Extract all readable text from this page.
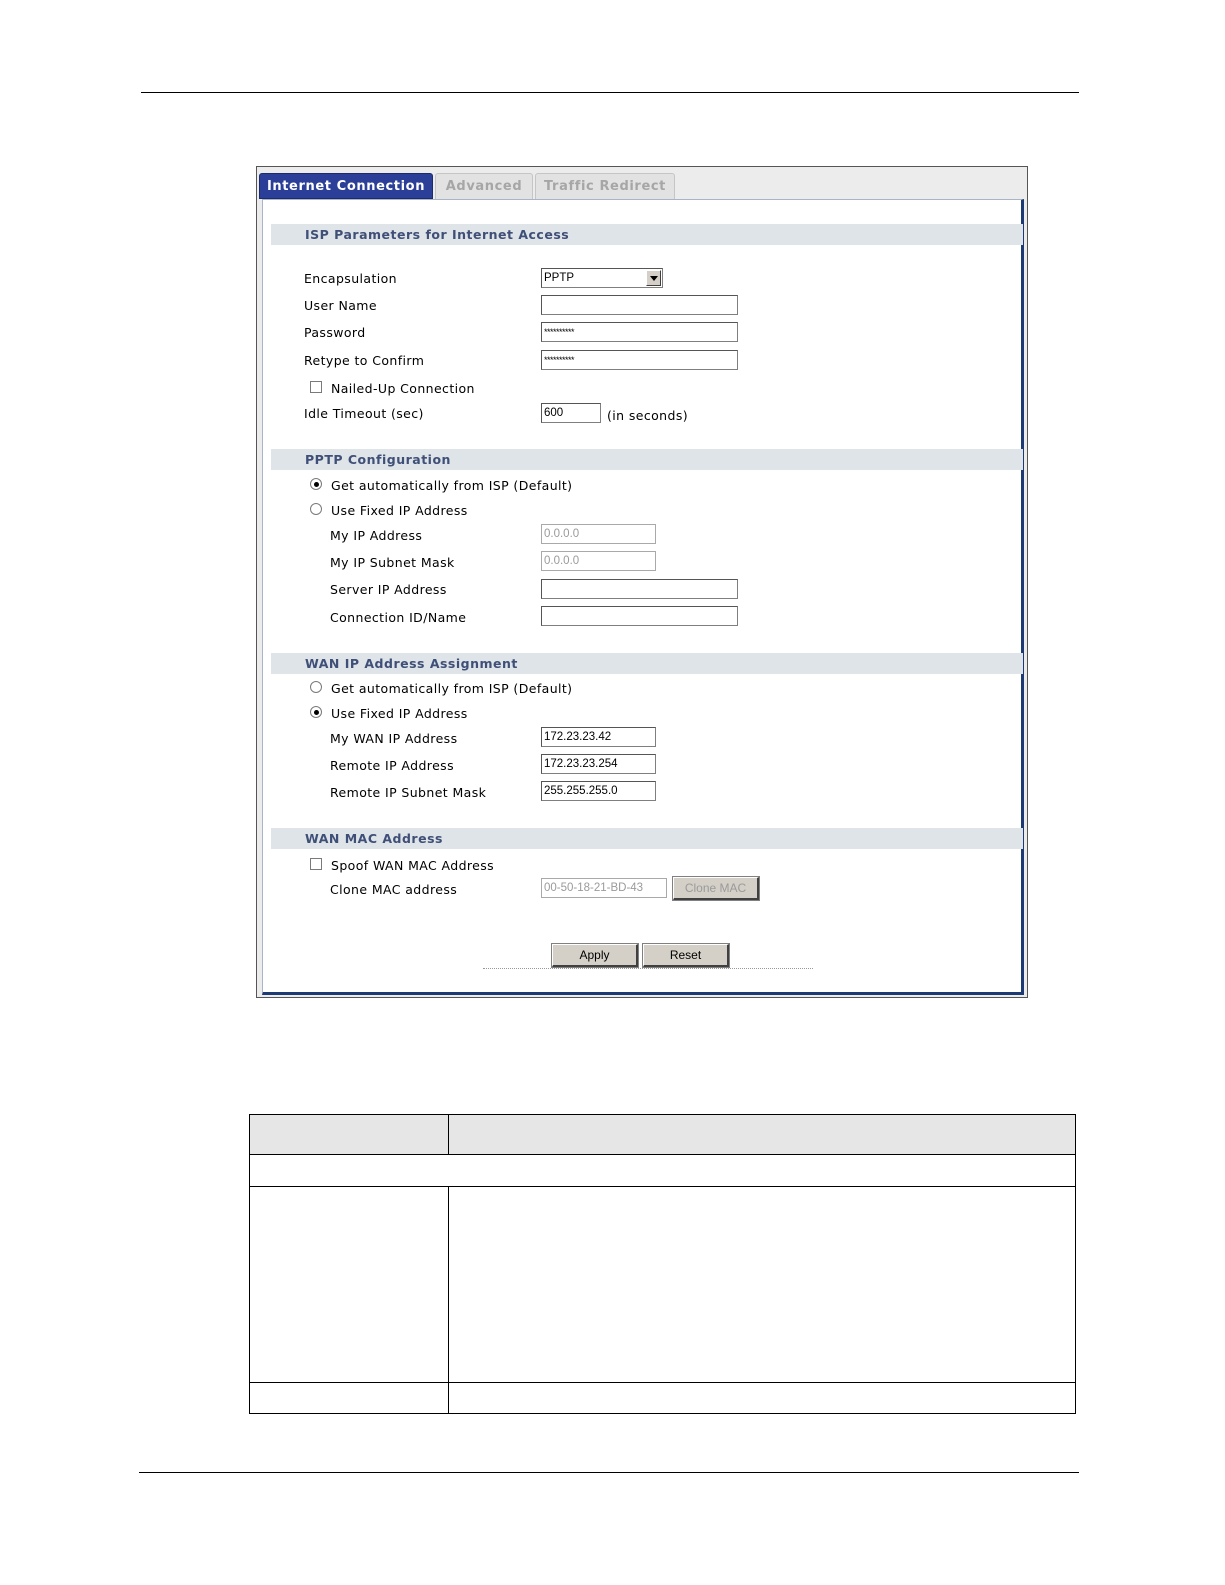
Internet Connection	Advanced	Traffic Redirect
ISP Parameters for Internet Access
Encapsulation	PPTP
User Name
Password	**********
Retype to Confirm	**********
Nailed-Up Connection
Idle Timeout (sec)	600	(in seconds)
PPTP Configuration
Get automatically from ISP (Default)
Use Fixed IP Address
My IP Address	0.0.0.0
My IP Subnet Mask	0.0.0.0
Server IP Address
Connection ID/Name
WAN IP Address Assignment
Get automatically from ISP (Default)
Use Fixed IP Address
My WAN IP Address	172.23.23.42
Remote IP Address	172.23.23.254
Remote IP Subnet Mask	255.255.255.0
WAN MAC Address
Spoof WAN MAC Address
Clone MAC address	00-50-18-21-BD-43	Clone MAC
Apply	Reset
